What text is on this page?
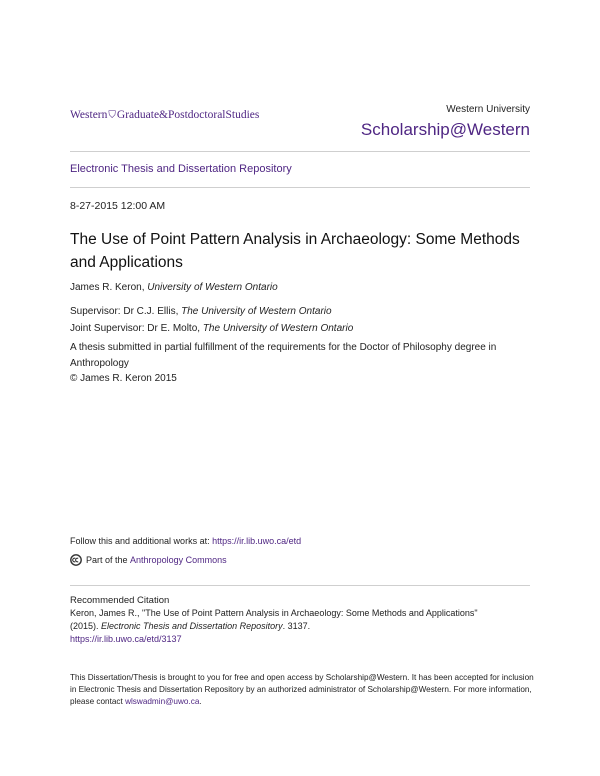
Western⛉Graduate&PostdoctoralStudies	Western University
Scholarship@Western
Electronic Thesis and Dissertation Repository
8-27-2015 12:00 AM
The Use of Point Pattern Analysis in Archaeology: Some Methods and Applications
James R. Keron, University of Western Ontario
Supervisor: Dr C.J. Ellis, The University of Western Ontario
Joint Supervisor: Dr E. Molto, The University of Western Ontario
A thesis submitted in partial fulfillment of the requirements for the Doctor of Philosophy degree in Anthropology
© James R. Keron 2015
Follow this and additional works at: https://ir.lib.uwo.ca/etd
Part of the
Anthropology Commons
Recommended Citation
Keron, James R., "The Use of Point Pattern Analysis in Archaeology: Some Methods and Applications"
(2015). Electronic Thesis and Dissertation Repository. 3137.
https://ir.lib.uwo.ca/etd/3137
This Dissertation/Thesis is brought to you for free and open access by Scholarship@Western. It has been accepted for inclusion in Electronic Thesis and Dissertation Repository by an authorized administrator of Scholarship@Western. For more information, please contact wlswadmin@uwo.ca.
